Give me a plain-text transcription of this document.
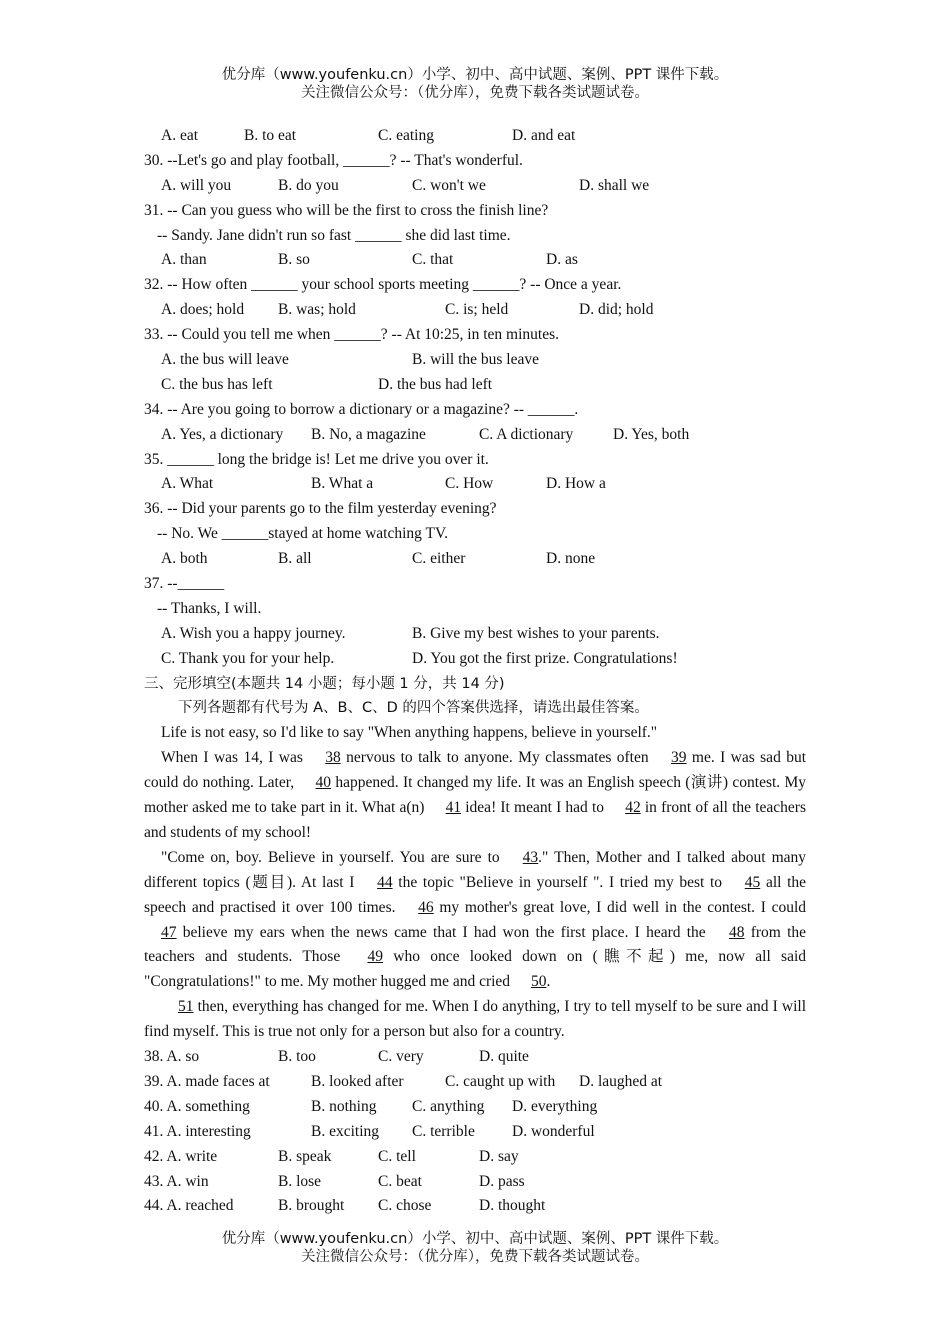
优分库（www.youfenku.cn）小学、初中、高中试题、案例、PPT 课件下载。
关注微信公众号：（优分库），免费下载各类试题试卷。
A. eat	B. to eat	C. eating	D. and eat
30. --Let's go and play football, ______? -- That's wonderful.
A. will you	B. do you	C. won't we	D. shall we
31. -- Can you guess who will be the first to cross the finish line?
-- Sandy. Jane didn't run so fast ______ she did last time.
A. than	B. so	C. that	D. as
32. -- How often ______ your school sports meeting ______? -- Once a year.
A. does; hold B. was; hold	C. is; held	D. did; hold
33. -- Could you tell me when ______? -- At 10:25, in ten minutes.
A. the bus will leave	B. will the bus leave
C. the bus has left	D. the bus had left
34. -- Are you going to borrow a dictionary or a magazine? -- ______.
A. Yes, a dictionary B. No, a magazine	C. A dictionary	D. Yes, both
35. ______ long the bridge is! Let me drive you over it.
A. What	B. What a	C. How	D. How a
36. -- Did your parents go to the film yesterday evening?
-- No. We ______stayed at home watching TV.
A. both	B. all	C. either	D. none
37. --______
-- Thanks, I will.
A. Wish you a happy journey.	B. Give my best wishes to your parents.
C. Thank you for your help.	D. You got the first prize. Congratulations!
三、完形填空(本题共 14 小题；每小题 1 分，共 14 分)
下列各题都有代号为 A、B、C、D 的四个答案供选择，请选出最佳答案。
Life is not easy, so I'd like to say "When anything happens, believe in yourself."
When I was 14, I was 38 nervous to talk to anyone. My classmates often 39 me. I was sad but could do nothing. Later, 40 happened. It changed my life. It was an English speech (演讲) contest. My mother asked me to take part in it. What a(n) 41 idea! It meant I had to 42 in front of all the teachers and students of my school!
"Come on, boy. Believe in yourself. You are sure to 43." Then, Mother and I talked about many different topics (题目). At last I 44 the topic "Believe in yourself ". I tried my best to 45 all the speech and practised it over 100 times. 46 my mother's great love, I did well in the contest. I could 47 believe my ears when the news came that I had won the first place. I heard the 48 from the teachers and students. Those 49 who once looked down on (瞧不起) me, now all said "Congratulations!" to me. My mother hugged me and cried 50.
51 then, everything has changed for me. When I do anything, I try to tell myself to be sure and I will find myself. This is true not only for a person but also for a country.
38. A. so	B. too	C. very	D. quite
39. A. made faces at	B. looked after	C. caught up with D. laughed at
40. A. something	B. nothing C. anything D. everything
41. A. interesting	B. exciting C. terrible D. wonderful
42. A. write	B. speak	C. tell	D. say
43. A. win	B. lose	C. beat	D. pass
44. A. reached	B. brought C. chose	D. thought
优分库（www.youfenku.cn）小学、初中、高中试题、案例、PPT 课件下载。
关注微信公众号：（优分库），免费下载各类试题试卷。
